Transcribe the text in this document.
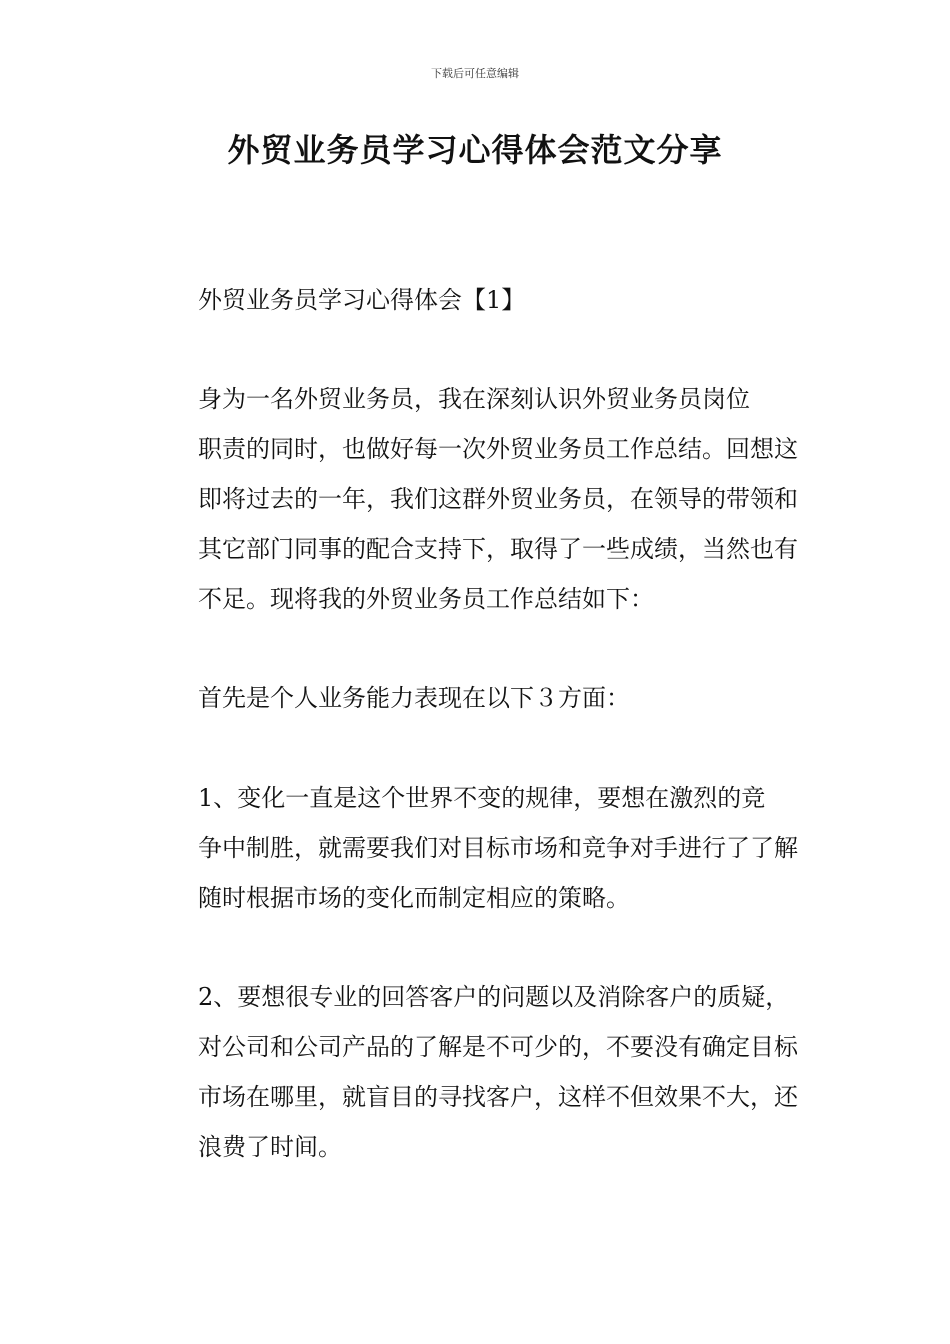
下载后可任意编辑
外贸业务员学习心得体会范文分享

外贸业务员学习心得体会【1】

身为一名外贸业务员，我在深刻认识外贸业务员岗位
职责的同时，也做好每一次外贸业务员工作总结。回想这
即将过去的一年，我们这群外贸业务员，在领导的带领和
其它部门同事的配合支持下，取得了一些成绩，当然也有
不足。现将我的外贸业务员工作总结如下：

首先是个人业务能力表现在以下３方面：

1、变化一直是这个世界不变的规律，要想在激烈的竞
争中制胜，就需要我们对目标市场和竞争对手进行了了解
随时根据市场的变化而制定相应的策略。

2、要想很专业的回答客户的问题以及消除客户的质疑，
对公司和公司产品的了解是不可少的，不要没有确定目标
市场在哪里，就盲目的寻找客户，这样不但效果不大，还
浪费了时间。
